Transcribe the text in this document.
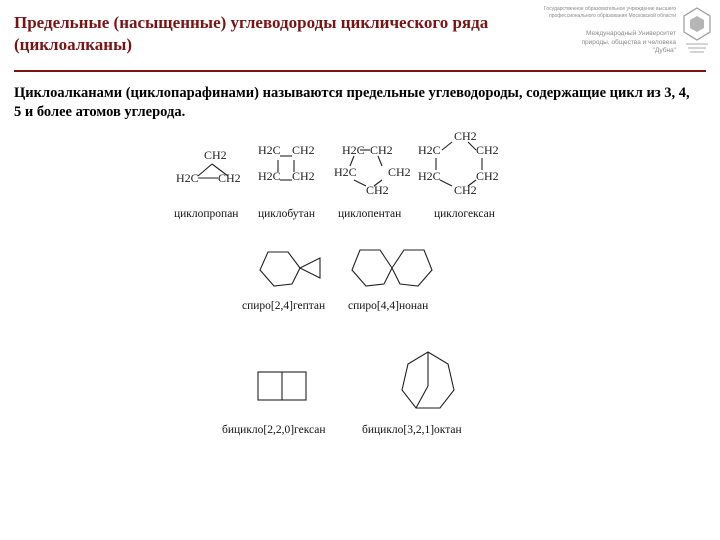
Предельные (насыщенные) углеводороды циклического ряда (циклоалканы)
Государственное образовательное учреждение высшего профессионального образования Московской области
Международный Университет природы, общества и человека "Дубна"
Циклоалканами (циклопарафинами) называются предельные углеводороды, содержащие цикл из 3, 4, 5 и более атомов углерода.
CH2
H2C CH2
H2C CH2
H2C CH2
H2C CH2
H2C	CH2
CH2
CH2
H2C	CH2
H2C	CH2
CH2
циклопропан циклобутан циклопентан	циклогексан
спиро[2,4]гептан спиро[4,4]нонан
бицикло[2,2,0]гексан	бицикло[3,2,1]октан
